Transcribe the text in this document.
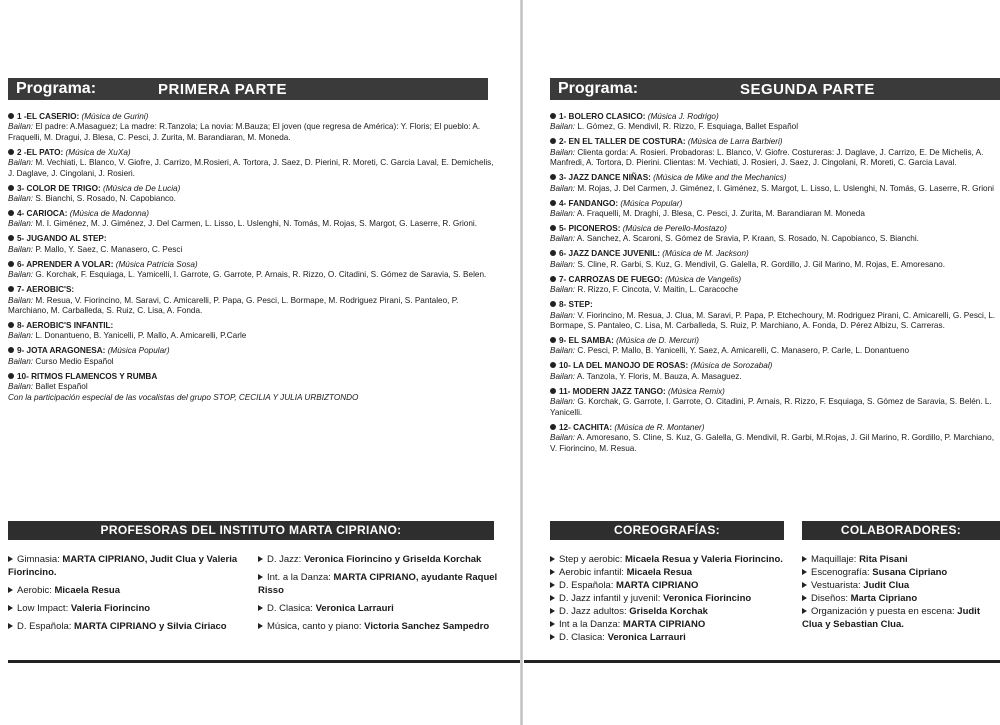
Programa:	PRIMERA PARTE
1 -EL CASERIO: (Música de Gurini)
Bailan: El padre: A.Masaguez; La madre: R.Tanzola; La novia: M.Bauza; El joven (que regresa de América): Y. Floris; El pueblo: A. Fraquelli, M. Dragui, J. Blesa, C. Pesci, J. Zurita, M. Barandiaran, M. Moneda.
2 -EL PATO: (Música de XuXa)
Bailan: M. Vechiati, L. Blanco, V. Giofre, J. Carrizo, M.Rosieri, A. Tortora, J. Saez, D. Pierini, R. Moreti, C. Garcia Laval, E. Demichelis, J. Daglave, J. Cingolani, J. Rosieri.
3- COLOR DE TRIGO: (Música de De Lucia)
Bailan: S. Bianchi, S. Rosado, N. Capobianco.
4- CARIOCA: (Música de Madonna)
Bailan: M. I. Giménez, M. J. Giménez, J. Del Carmen, L. Lisso, L. Uslenghi, N. Tomás, M. Rojas, S. Margot, G. Laserre, R. Grioni.
5- JUGANDO AL STEP:
Bailan: P. Mallo, Y. Saez, C. Manasero, C. Pesci
6- APRENDER A VOLAR: (Música Patricia Sosa)
Bailan: G. Korchak, F. Esquiaga, L. Yamicelli, I. Garrote, G. Garrote, P. Arnais, R. Rizzo, O. Citadini, S. Gómez de Saravia, S. Belen.
7- AEROBIC'S:
Bailan: M. Resua, V. Fiorincino, M. Saravi, C. Amicarelli, P. Papa, G. Pesci, L. Bormape, M. Rodriguez Pirani, S. Pantaleo, P. Marchiano, M. Carballeda, S. Ruiz, C. Lisa, A. Fonda.
8- AEROBIC'S INFANTIL:
Bailan: L. Donantueno, B. Yanicelli, P. Mallo, A. Amicarelli, P.Carle
9- JOTA ARAGONESA: (Música Popular)
Bailan: Curso Medio Español
10- RITMOS FLAMENCOS Y RUMBA
Bailan: Ballet Español
Con la participación especial de las vocalistas del grupo STOP, CECILIA Y JULIA URBIZTONDO
PROFESORAS DEL INSTITUTO MARTA CIPRIANO:
Gimnasia: MARTA CIPRIANO, Judit Clua y Valeria Fiorincino.
Aerobic: Micaela Resua
Low Impact: Valeria Fiorincino
D. Española: MARTA CIPRIANO y Silvia Ciriaco
D. Jazz: Veronica Fiorincino y Griselda Korchak
Int. a la Danza: MARTA CIPRIANO, ayudante Raquel Risso
D. Clasica: Veronica Larrauri
Música, canto y piano: Victoria Sanchez Sampedro
Programa:	SEGUNDA PARTE
1- BOLERO CLASICO: (Música J. Rodrigo)
Bailan: L. Gómez, G. Mendivil, R. Rizzo, F. Esquiaga, Ballet Español
2- EN EL TALLER DE COSTURA: (Música de Larra Barbieri)
Bailan: Clienta gorda: A. Rosieri. Probadoras: L. Blanco, V. Giofre. Costureras: J. Daglave, J. Carrizo, E. De Michelis, A. Manfredi, A. Tortora, D. Pierini. Clientas: M. Vechiati, J. Rosieri, J. Saez, J. Cingolani, R. Moreti, C. Garcia Laval.
3- JAZZ DANCE NIÑAS: (Música de Mike and the Mechanics)
Bailan: M. Rojas, J. Del Carmen, J. Giménez, I. Giménez, S. Margot, L. Lisso, L. Uslenghi, N. Tomás, G. Laserre, R. Grioni
4- FANDANGO: (Música Popular)
Bailan: A. Fraquelli, M. Draghi, J. Blesa, C. Pesci, J. Zurita, M. Barandiaran M. Moneda
5- PICONEROS: (Música de Perello-Mostazo)
Bailan: A. Sanchez, A. Scaroni, S. Gómez de Sravia, P. Kraan, S. Rosado, N. Capobianco, S. Bianchi.
6- JAZZ DANCE JUVENIL: (Música de M. Jackson)
Bailan: S. Cline, R. Garbi, S. Kuz, G. Mendivil, G. Galella, R. Gordillo, J. Gil Marino, M. Rojas, E. Amoresano.
7- CARROZAS DE FUEGO: (Música de Vangelis)
Bailan: R. Rizzo, F. Cincota, V. Maitin, L. Caracoche
8- STEP:
Bailan: V. Fiorincino, M. Resua, J. Clua, M. Saravi, P. Papa, P. Etchechoury, M. Rodriguez Pirani, C. Amicarelli, G. Pesci, L. Bormape, S. Pantaleo, C. Lisa, M. Carballeda, S. Ruiz, P. Marchiano, A. Fonda, D. Pérez Albizu, S. Carreras.
9- EL SAMBA: (Música de D. Mercuri)
Bailan: C. Pesci, P. Mallo, B. Yanicelli, Y. Saez, A. Amicarelli, C. Manasero, P. Carle, L. Donantueno
10- LA DEL MANOJO DE ROSAS: (Música de Sorozabal)
Bailan: A. Tanzola, Y. Floris, M. Bauza, A. Masaguez.
11- MODERN JAZZ TANGO: (Música Remix)
Bailan: G. Korchak, G. Garrote, I. Garrote, O. Citadini, P. Arnais, R. Rizzo, F. Esquiaga, S. Gómez de Saravia, S. Belén. L. Yanicelli.
12- CACHITA: (Música de R. Montaner)
Bailan: A. Amoresano, S. Cline, S. Kuz, G. Galella, G. Mendivil, R. Garbi, M.Rojas, J. Gil Marino, R. Gordillo, P. Marchiano, V. Fiorincino, M. Resua.
COREOGRAFÍAS:
Step y aerobic: Micaela Resua y Valeria Fiorincino.
Aerobic infantil: Micaela Resua
D. Española: MARTA CIPRIANO
D. Jazz infantil y juvenil: Veronica Fiorincino
D. Jazz adultos: Griselda Korchak
Int a la Danza: MARTA CIPRIANO
D. Clasica: Veronica Larrauri
COLABORADORES:
Maquillaje: Rita Pisani
Escenografía: Susana Cipriano
Vestuarista: Judit Clua
Diseños: Marta Cipriano
Organización y puesta en escena: Judit Clua y Sebastian Clua.
